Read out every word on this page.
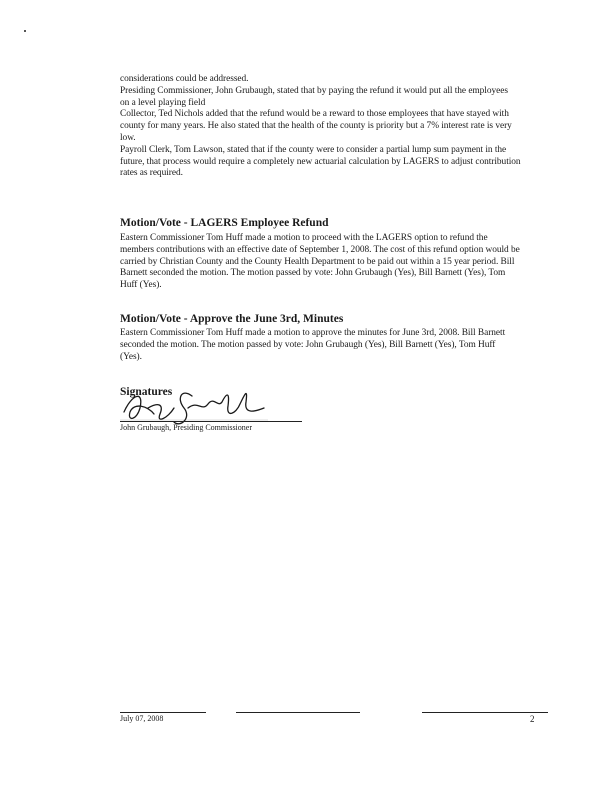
considerations could be addressed.
Presiding Commissioner, John Grubaugh, stated that by paying the refund it would put all the employees
on a level playing field
Collector, Ted Nichols added that the refund would be a reward to those employees that have stayed with
county for many years. He also stated that the health of the county is priority but a 7% interest rate is very
low.
Payroll Clerk, Tom Lawson, stated that if the county were to consider a partial lump sum payment in the
future, that process would require a completely new actuarial calculation by LAGERS to adjust contribution
rates as required.

Motion/Vote - LAGERS Employee Refund

Eastern Commissioner Tom Huff made a motion to proceed with the LAGERS option to refund the
members contributions with an effective date of September 1, 2008. The cost of this refund option would be
carried by Christian County and the County Health Department to be paid out within a 15 year period. Bill
Barnett seconded the motion. The motion passed by vote: John Grubaugh (Yes), Bill Barnett (Yes), Tom
Huff (Yes).

Motion/Vote - Approve the June 3rd, Minutes

Eastern Commissioner Tom Huff made a motion to approve the minutes for June 3rd, 2008. Bill Barnett
seconded the motion. The motion passed by vote: John Grubaugh (Yes), Bill Barnett (Yes), Tom Huff
(Yes).

Signatures
John Grubaugh, Presiding Commissioner
July 07, 2008	2
